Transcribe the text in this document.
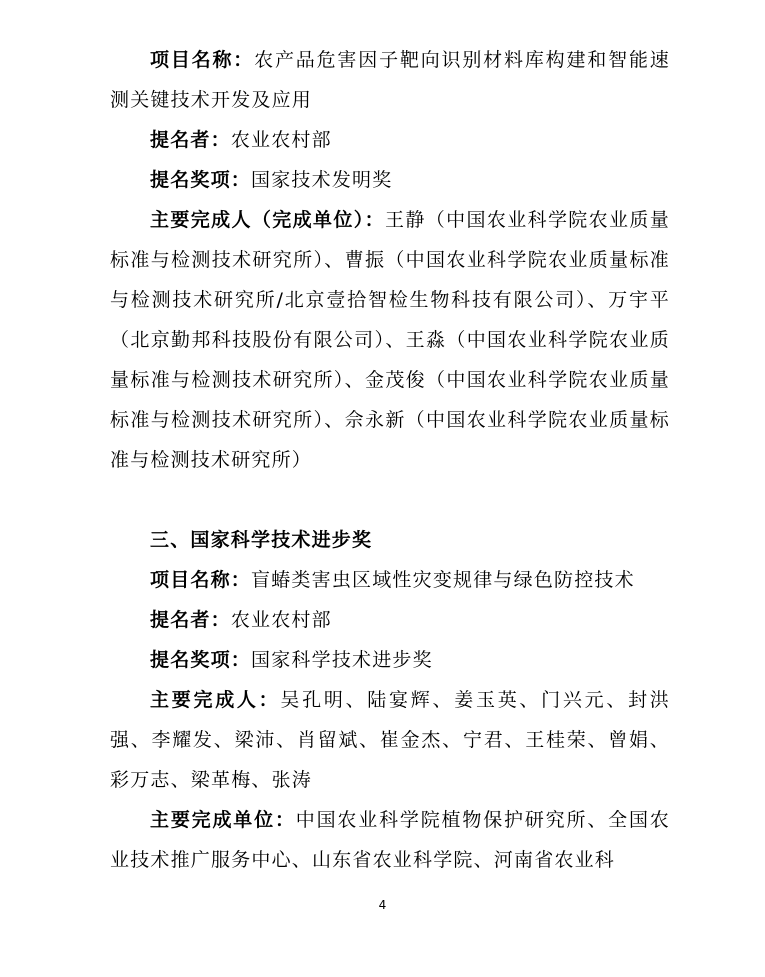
项目名称：农产品危害因子靶向识别材料库构建和智能速测关键技术开发及应用

提名者：农业农村部

提名奖项：国家技术发明奖

主要完成人（完成单位）：王静（中国农业科学院农业质量标准与检测技术研究所）、曹振（中国农业科学院农业质量标准与检测技术研究所/北京壹拾智检生物科技有限公司）、万宇平（北京勤邦科技股份有限公司）、王淼（中国农业科学院农业质量标准与检测技术研究所）、金茂俊（中国农业科学院农业质量标准与检测技术研究所）、佘永新（中国农业科学院农业质量标准与检测技术研究所）

三、国家科学技术进步奖

项目名称：盲蝽类害虫区域性灾变规律与绿色防控技术

提名者：农业农村部

提名奖项：国家科学技术进步奖

主要完成人：吴孔明、陆宴辉、姜玉英、门兴元、封洪强、李耀发、梁沛、肖留斌、崔金杰、宁君、王桂荣、曾娟、彩万志、梁革梅、张涛

主要完成单位：中国农业科学院植物保护研究所、全国农业技术推广服务中心、山东省农业科学院、河南省农业科

4
